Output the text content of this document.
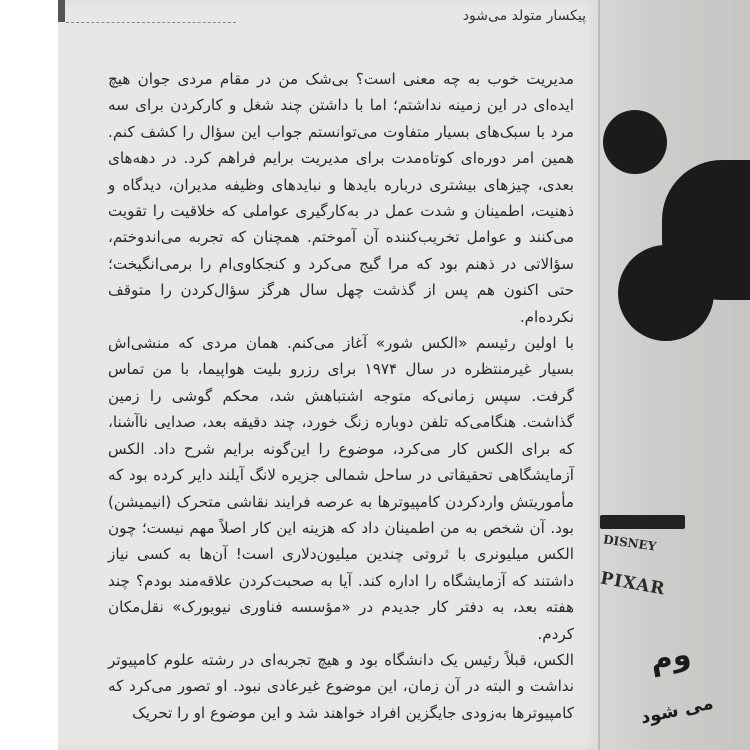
پیکسار متولد می‌شود

مدیریت خوب به چه معنی است؟ بی‌شک من در مقام مردی جوان هیچ ایده‌ای در این زمینه نداشتم؛ اما با داشتن چند شغل و کارکردن برای سه مرد با سبک‌های بسیار متفاوت می‌توانستم جواب این سؤال را کشف کنم. همین امر دوره‌ای کوتاه‌مدت برای مدیریت برایم فراهم کرد. در دهه‌های بعدی، چیزهای بیشتری درباره بایدها و نبایدهای وظیفه مدیران، دیدگاه و ذهنیت، اطمینان و شدت عمل در به‌کارگیری عواملی که خلاقیت را تقویت می‌کنند و عوامل تخریب‌کننده آن آموختم. همچنان که تجربه می‌اندوختم، سؤالاتی در ذهنم بود که مرا گیج می‌کرد و کنجکاوی‌ام را برمی‌انگیخت؛ حتی اکنون هم پس از گذشت چهل سال هرگز سؤال‌کردن را متوقف نکرده‌ام.

با اولین رئیسم «الکس شور» آغاز می‌کنم. همان مردی که منشی‌اش بسیار غیرمنتظره در سال ۱۹۷۴ برای رزرو بلیت هواپیما، با من تماس گرفت. سپس زمانی‌که متوجه اشتباهش شد، محکم گوشی را زمین گذاشت. هنگامی‌که تلفن دوباره زنگ خورد، چند دقیقه بعد، صدایی ناآشنا، که برای الکس کار می‌کرد، موضوع را این‌گونه برایم شرح داد. الکس آزمایشگاهی تحقیقاتی در ساحل شمالی جزیره لانگ آیلند دایر کرده بود که مأموریتش واردکردن کامپیوترها به عرصه فرایند نقاشی متحرک (انیمیشن) بود. آن شخص به من اطمینان داد که هزینه این کار اصلاً مهم نیست؛ چون الکس میلیونری با ثروتی چندین میلیون‌دلاری است! آن‌ها به کسی نیاز داشتند که آزمایشگاه را اداره کند. آیا به صحبت‌کردن علاقه‌مند بودم؟ چند هفته بعد، به دفتر کار جدیدم در «مؤسسه فناوری نیویورک» نقل‌مکان کردم.

الکس، قبلاً رئیس یک دانشگاه بود و هیچ تجربه‌ای در رشته علوم کامپیوتر نداشت و البته در آن زمان، این موضوع غیرعادی نبود. او تصور می‌کرد که کامپیوترها به‌زودی جایگزین افراد خواهند شد و این موضوع او را تحریک

DISNEY
PIXAR
وم
می شود
